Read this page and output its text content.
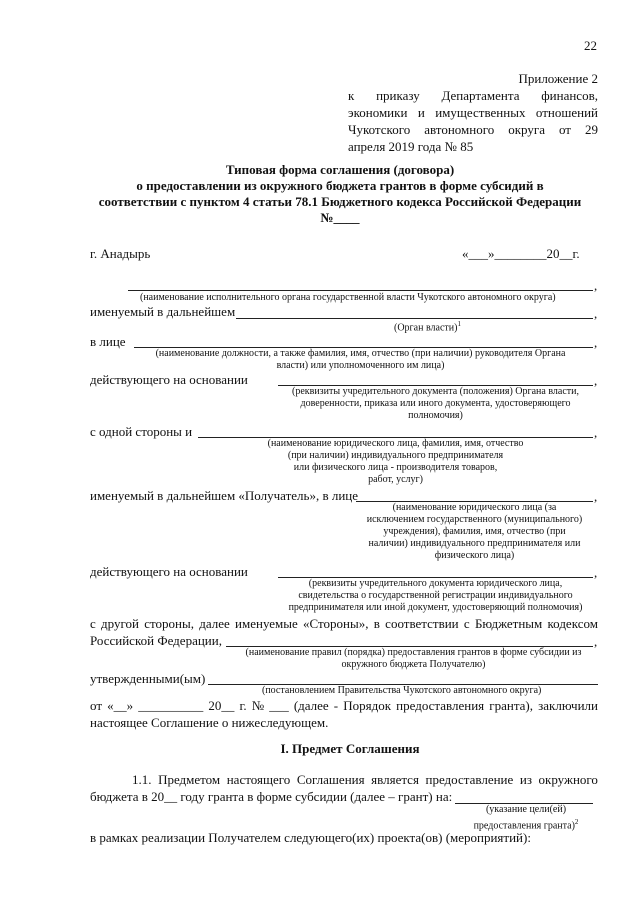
22
Приложение 2
к приказу Департамента финансов,
экономики и имущественных отношений
Чукотского автономного округа от 29
апреля 2019 года № 85
Типовая форма соглашения (договора)
о предоставлении из окружного бюджета грантов в форме субсидий в
соответствии с пунктом 4 статьи 78.1 Бюджетного кодекса Российской Федерации
№____
г. Анадырь	«___»________20__г.
,
(наименование исполнительного органа государственной власти Чукотского автономного округа)
именуемый в дальнейшем	,
(Орган власти)$^1$
в лице	,
(наименование должности, а также фамилия, имя, отчество (при наличии) руководителя Органа
власти) или уполномоченного им лица)
действующего на основании	,
(реквизиты учредительного документа (положения) Органа власти,
доверенности, приказа или иного документа, удостоверяющего
полномочия)
с одной стороны и	,
(наименование юридического лица, фамилия, имя, отчество
(при наличии) индивидуального предпринимателя
или физического лица - производителя товаров,
работ, услуг)
именуемый в дальнейшем «Получатель», в лице	,
(наименование юридического лица (за
исключением государственного (муниципального)
учреждения), фамилия, имя, отчество (при
наличии) индивидуального предпринимателя или
физического лица)
действующего на основании	,
(реквизиты учредительного документа юридического лица,
свидетельства о государственной регистрации индивидуального
предпринимателя или иной документ, удостоверяющий полномочия)
с другой стороны, далее именуемые «Стороны», в соответствии с Бюджетным кодексом
Российской Федерации,	,
(наименование правил (порядка) предоставления грантов в форме субсидии из
окружного бюджета Получателю)
утвержденными(ым)
(постановлением Правительства Чукотского автономного округа)
от «__» __________ 20__ г. № ___ (далее - Порядок предоставления гранта), заключили
настоящее Соглашение о нижеследующем.
I. Предмет Соглашения
1.1. Предметом настоящего Соглашения является предоставление из окружного
бюджета в 20__ году гранта в форме субсидии (далее – грант) на:
(указание цели(ей)
предоставления гранта)$^2$
в рамках реализации Получателем следующего(их) проекта(ов) (мероприятий):
